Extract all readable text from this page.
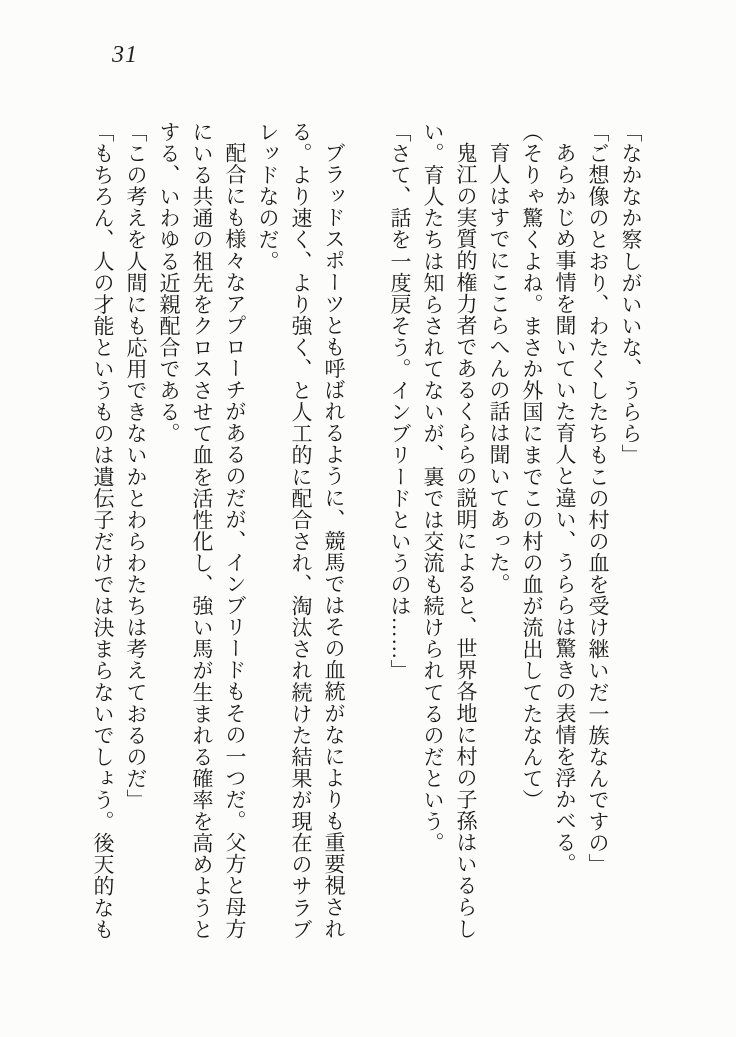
31

「なかなか察しがいいな、うらら」

「ご想像のとおり、わたくしたちもこの村の血を受け継いだ一族なんですの」

あらかじめ事情を聞いていた育人と違い、うららは驚きの表情を浮かべる。

（そりゃ驚くよね。まさか外国にまでこの村の血が流出してたなんて）

育人はすでにここらへんの話は聞いてあった。

鬼江の実質的権力者であるくららの説明によると、世界各地に村の子孫はいるらしい。育人たちは知らされてないが、裏では交流も続けられてるのだという。

「さて、話を一度戻そう。インブリードというのは……」

ブラッドスポーツとも呼ばれるように、競馬ではその血統がなによりも重要視される。より速く、より強く、と人工的に配合され、淘汰され続けた結果が現在のサラブレッドなのだ。

配合にも様々なアプローチがあるのだが、インブリードもその一つだ。父方と母方にいる共通の祖先をクロスさせて血を活性化し、強い馬が生まれる確率を高めようとする、いわゆる近親配合である。

「この考えを人間にも応用できないかとわらわたちは考えておるのだ」

「もちろん、人の才能というものは遺伝子だけでは決まらないでしょう。後天的なも
